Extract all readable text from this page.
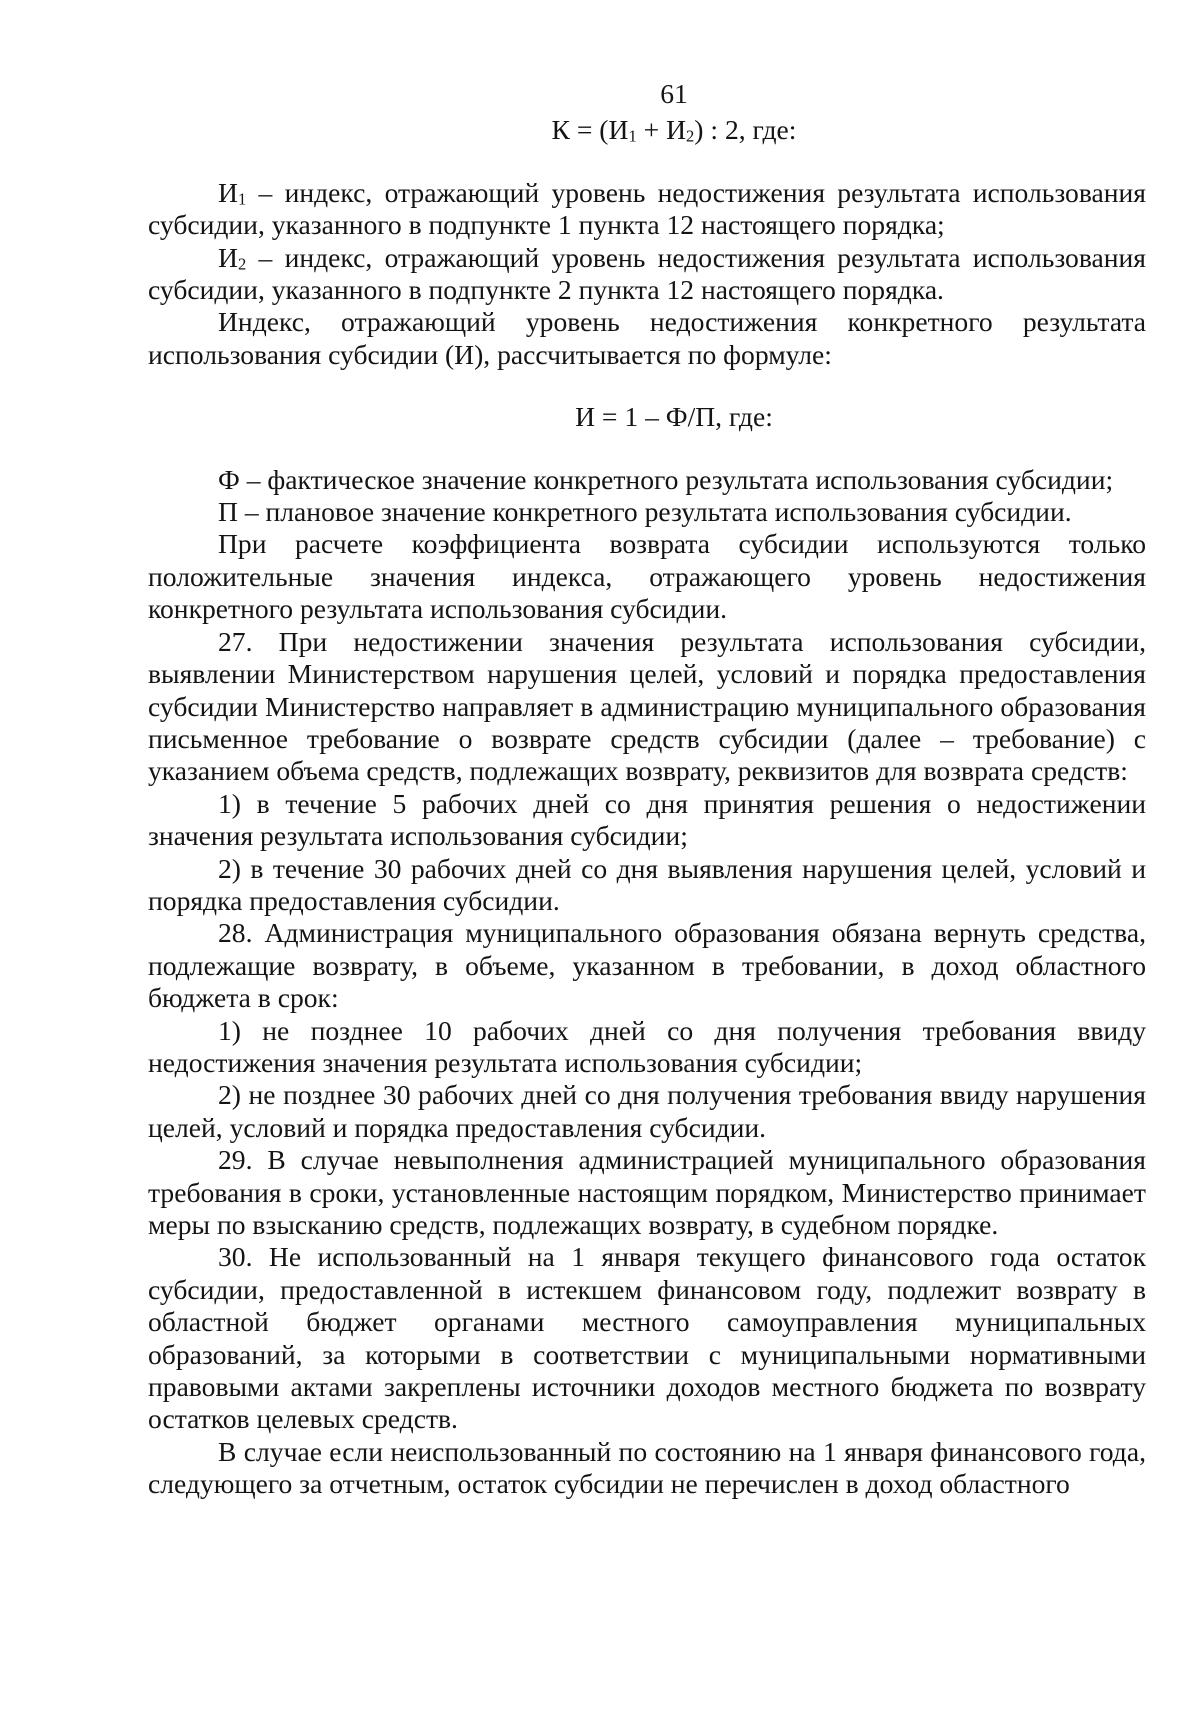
61

$К = (И_1 + И_2)$ : 2, где:

$И_1$ – индекс, отражающий уровень недостижения результата использования субсидии, указанного в подпункте 1 пункта 12 настоящего порядка;

$И_2$ – индекс, отражающий уровень недостижения результата использования субсидии, указанного в подпункте 2 пункта 12 настоящего порядка.

Индекс, отражающий уровень недостижения конкретного результата использования субсидии (И), рассчитывается по формуле:

И = 1 – Ф/П, где:

Ф – фактическое значение конкретного результата использования субсидии;

П – плановое значение конкретного результата использования субсидии.

При расчете коэффициента возврата субсидии используются только положительные значения индекса, отражающего уровень недостижения конкретного результата использования субсидии.

27. При недостижении значения результата использования субсидии, выявлении Министерством нарушения целей, условий и порядка предоставления субсидии Министерство направляет в администрацию муниципального образования письменное требование о возврате средств субсидии (далее – требование) с указанием объема средств, подлежащих возврату, реквизитов для возврата средств:

1) в течение 5 рабочих дней со дня принятия решения о недостижении значения результата использования субсидии;

2) в течение 30 рабочих дней со дня выявления нарушения целей, условий и порядка предоставления субсидии.

28. Администрация муниципального образования обязана вернуть средства, подлежащие возврату, в объеме, указанном в требовании, в доход областного бюджета в срок:

1) не позднее 10 рабочих дней со дня получения требования ввиду недостижения значения результата использования субсидии;

2) не позднее 30 рабочих дней со дня получения требования ввиду нарушения целей, условий и порядка предоставления субсидии.

29. В случае невыполнения администрацией муниципального образования требования в сроки, установленные настоящим порядком, Министерство принимает меры по взысканию средств, подлежащих возврату, в судебном порядке.

30. Не использованный на 1 января текущего финансового года остаток субсидии, предоставленной в истекшем финансовом году, подлежит возврату в областной бюджет органами местного самоуправления муниципальных образований, за которыми в соответствии с муниципальными нормативными правовыми актами закреплены источники доходов местного бюджета по возврату остатков целевых средств.

В случае если неиспользованный по состоянию на 1 января финансового года, следующего за отчетным, остаток субсидии не перечислен в доход областного
